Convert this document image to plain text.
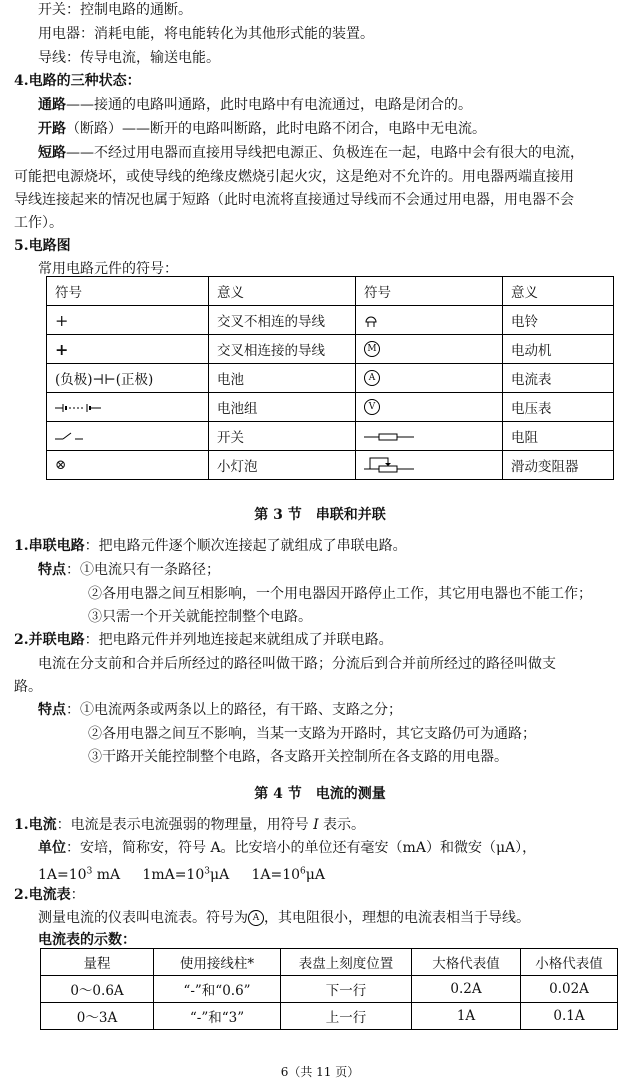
开关：控制电路的通断。
用电器：消耗电能，将电能转化为其他形式能的装置。
导线：传导电流，输送电能。
4.电路的三种状态：
通路——接通的电路叫通路，此时电路中有电流通过，电路是闭合的。
开路（断路）——断开的电路叫断路，此时电路不闭合，电路中无电流。
短路——不经过用电器而直接用导线把电源正、负极连在一起，电路中会有很大的电流，
可能把电源烧坏，或使导线的绝缘皮燃烧引起火灾，这是绝对不允许的。用电器两端直接用
导线连接起来的情况也属于短路（此时电流将直接通过导线而不会通过用电器，用电器不会
工作）。
5.电路图
常用电路元件的符号：
符号	意义	符号	意义
+	交叉不相连的导线		电铃
+	交叉相连接的导线	M	电动机
(负极)⊣⊢(正极)	电池	A	电流表
	电池组	V	电压表
	开关		电阻
⊗	小灯泡		滑动变阻器
第 3 节　串联和并联
1.串联电路：把电路元件逐个顺次连接起了就组成了串联电路。
特点：①电流只有一条路径；
②各用电器之间互相影响，一个用电器因开路停止工作，其它用电器也不能工作；
③只需一个开关就能控制整个电路。
2.并联电路：把电路元件并列地连接起来就组成了并联电路。
电流在分支前和合并后所经过的路径叫做干路；分流后到合并前所经过的路径叫做支
路。
特点：①电流两条或两条以上的路径，有干路、支路之分；
②各用电器之间互不影响，当某一支路为开路时，其它支路仍可为通路；
③干路开关能控制整个电路，各支路开关控制所在各支路的用电器。
第 4 节　电流的测量
1.电流：电流是表示电流强弱的物理量，用符号 I 表示。
单位：安培，简称安，符号 A。比安培小的单位还有毫安（mA）和微安（μA），
$1A=10^3$ mA $1mA=10^3\mu A$ $1A=10^6\mu A$
2.电流表：
测量电流的仪表叫电流表。符号为 A ，其电阻很小，理想的电流表相当于导线。
电流表的示数：
量程	使用接线柱*	表盘上刻度位置	大格代表值	小格代表值
0～0.6A	“-”和“0.6”	下一行	0.2A	0.02A
0～3A	“-”和“3”	上一行	1A	0.1A
6（共 11 页）
